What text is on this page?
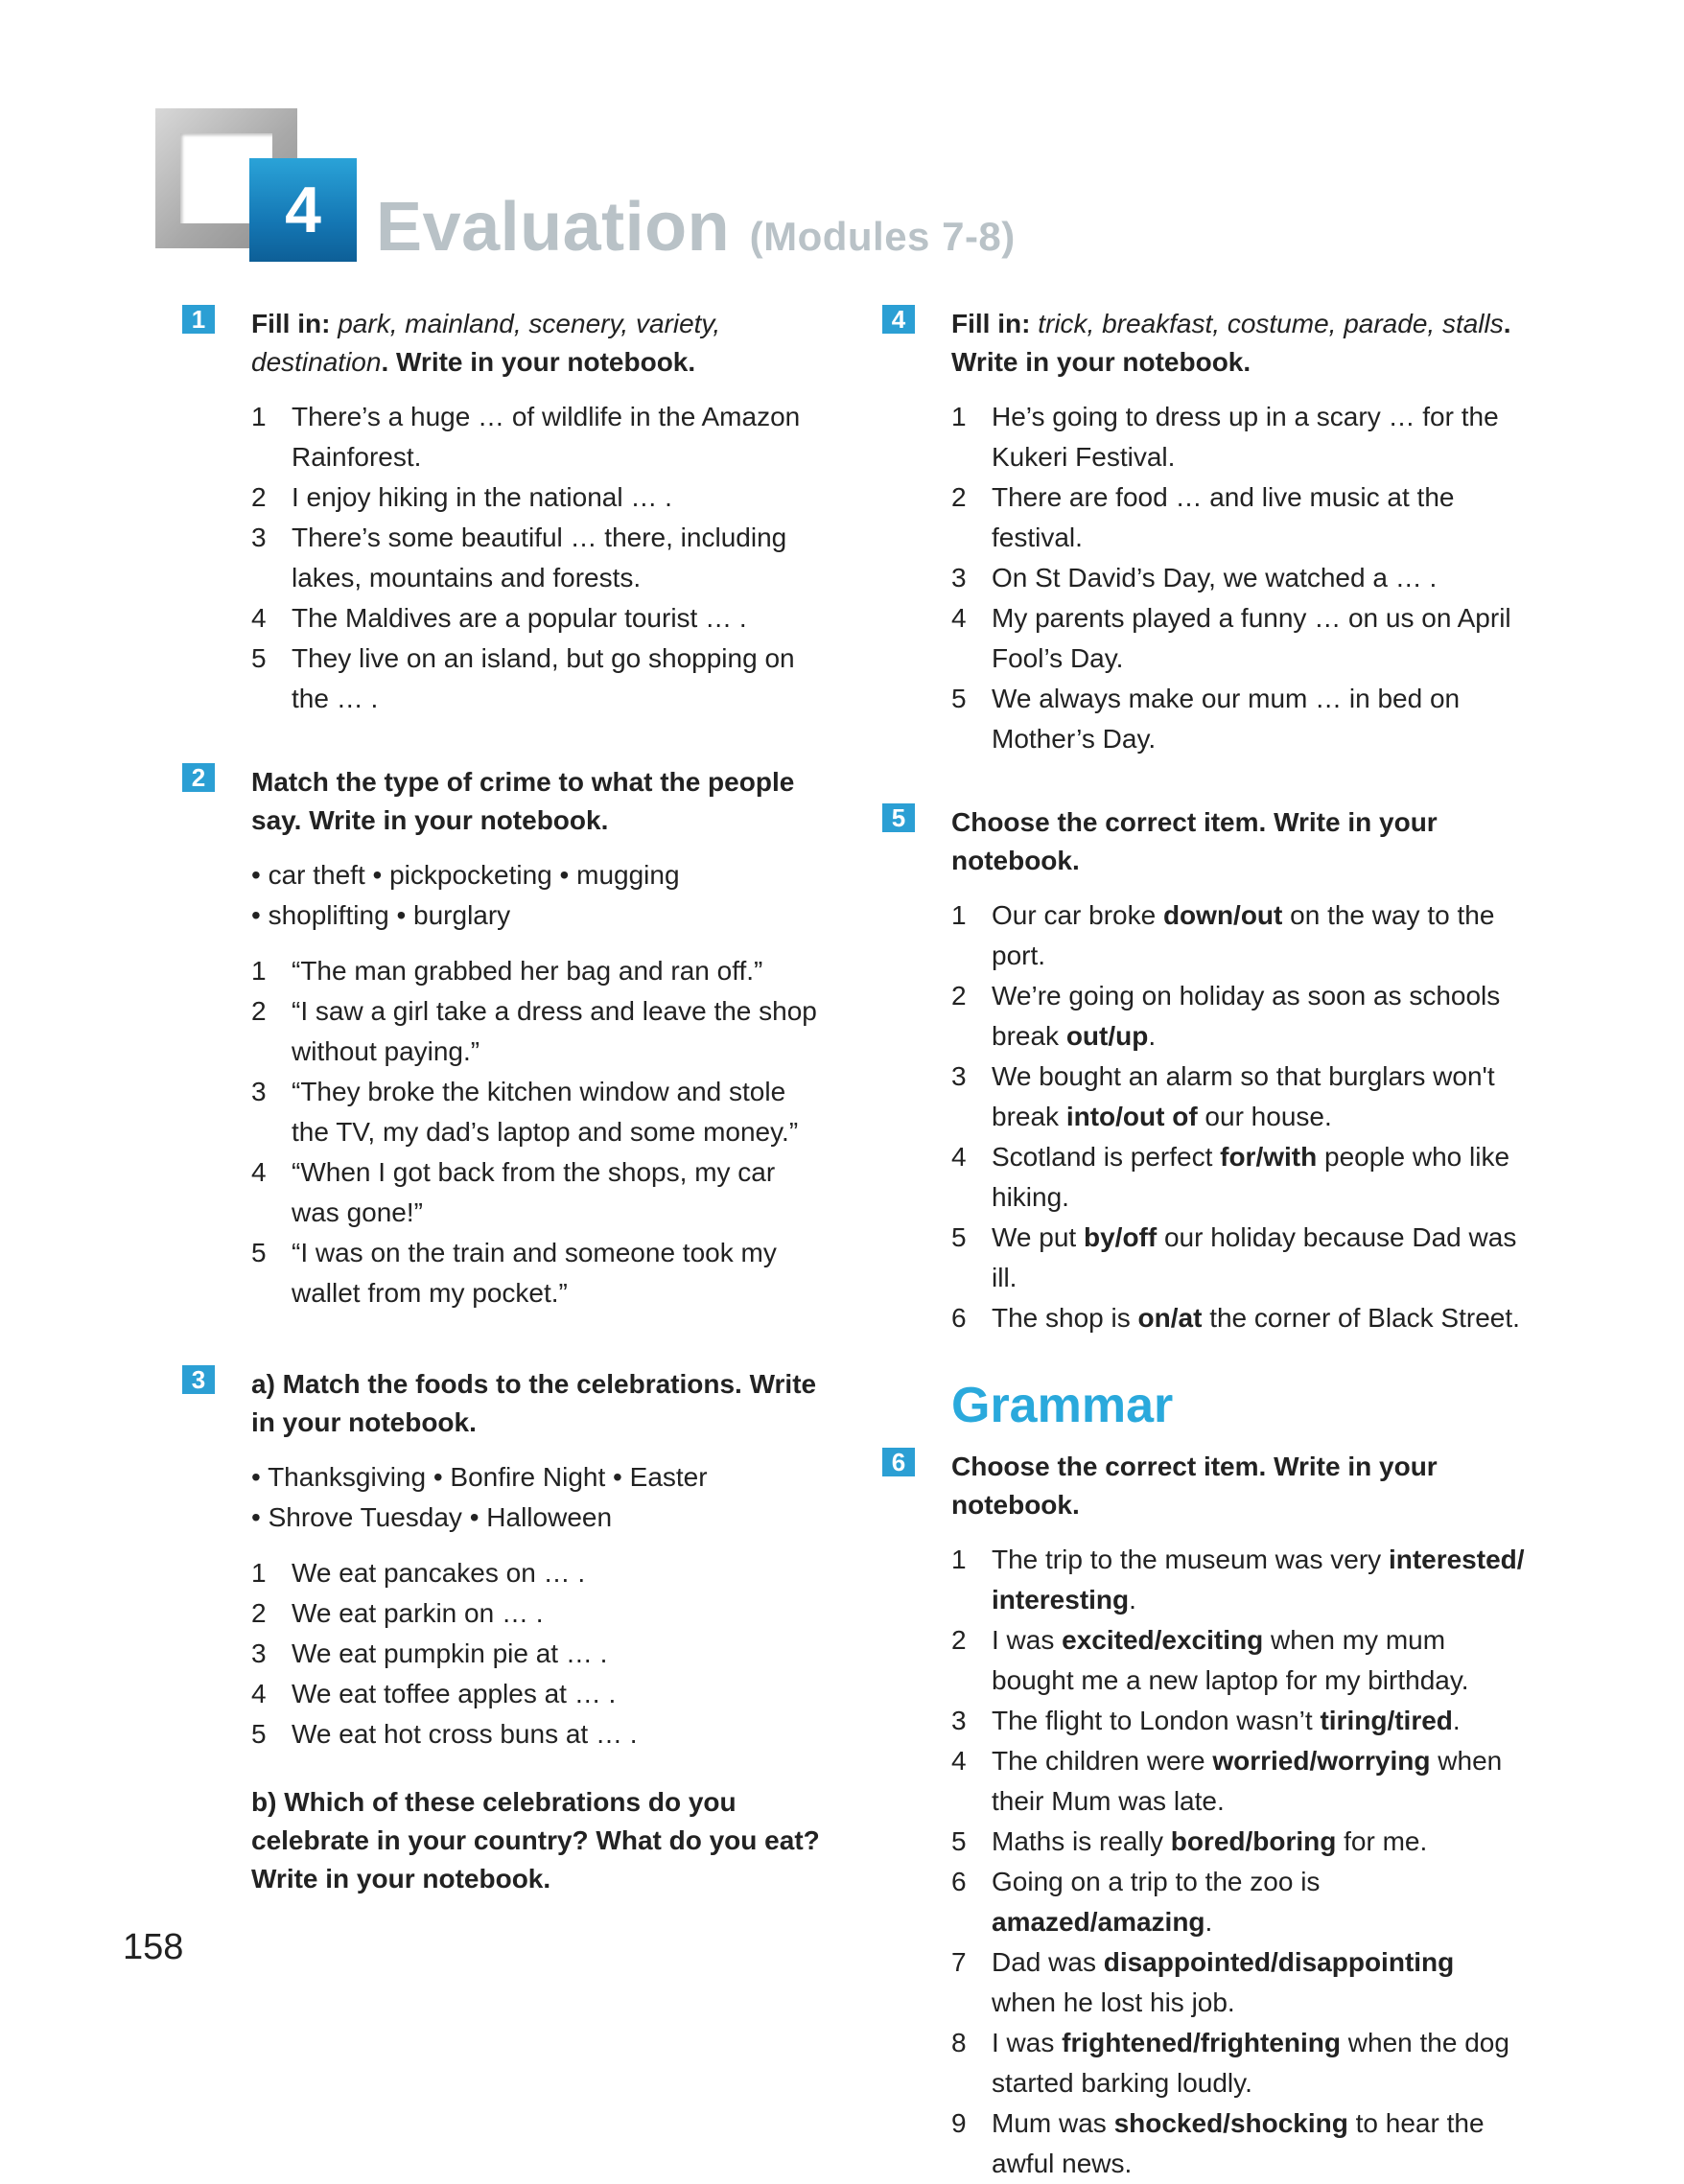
4 Evaluation (Modules 7-8)
1	Fill in: park, mainland, scenery, variety, destination. Write in your notebook.
1 There’s a huge … of wildlife in the Amazon Rainforest.
2 I enjoy hiking in the national … .
3 There’s some beautiful … there, including lakes, mountains and forests.
4 The Maldives are a popular tourist … .
5 They live on an island, but go shopping on the … .
2	Match the type of crime to what the people say. Write in your notebook.
• car theft • pickpocketing • mugging
• shoplifting • burglary
1 “The man grabbed her bag and ran off.”
2 “I saw a girl take a dress and leave the shop without paying.”
3 “They broke the kitchen window and stole the TV, my dad’s laptop and some money.”
4 “When I got back from the shops, my car was gone!”
5 “I was on the train and someone took my wallet from my pocket.”
3	a) Match the foods to the celebrations. Write in your notebook.
• Thanksgiving • Bonfire Night • Easter
• Shrove Tuesday • Halloween
1 We eat pancakes on … .
2 We eat parkin on … .
3 We eat pumpkin pie at … .
4 We eat toffee apples at … .
5 We eat hot cross buns at … .
b) Which of these celebrations do you celebrate in your country? What do you eat? Write in your notebook.
4	Fill in: trick, breakfast, costume, parade, stalls. Write in your notebook.
1 He’s going to dress up in a scary … for the Kukeri Festival.
2 There are food … and live music at the festival.
3 On St David’s Day, we watched a … .
4 My parents played a funny … on us on April Fool’s Day.
5 We always make our mum … in bed on Mother’s Day.
5	Choose the correct item. Write in your notebook.
1 Our car broke down/out on the way to the port.
2 We’re going on holiday as soon as schools break out/up.
3 We bought an alarm so that burglars won't break into/out of our house.
4 Scotland is perfect for/with people who like hiking.
5 We put by/off our holiday because Dad was ill.
6 The shop is on/at the corner of Black Street.
Grammar
6	Choose the correct item. Write in your notebook.
1 The trip to the museum was very interested/ interesting.
2 I was excited/exciting when my mum bought me a new laptop for my birthday.
3 The flight to London wasn’t tiring/tired.
4 The children were worried/worrying when their Mum was late.
5 Maths is really bored/boring for me.
6 Going on a trip to the zoo is amazed/amazing.
7 Dad was disappointed/disappointing when he lost his job.
8 I was frightened/frightening when the dog started barking loudly.
9 Mum was shocked/shocking to hear the awful news.
158
